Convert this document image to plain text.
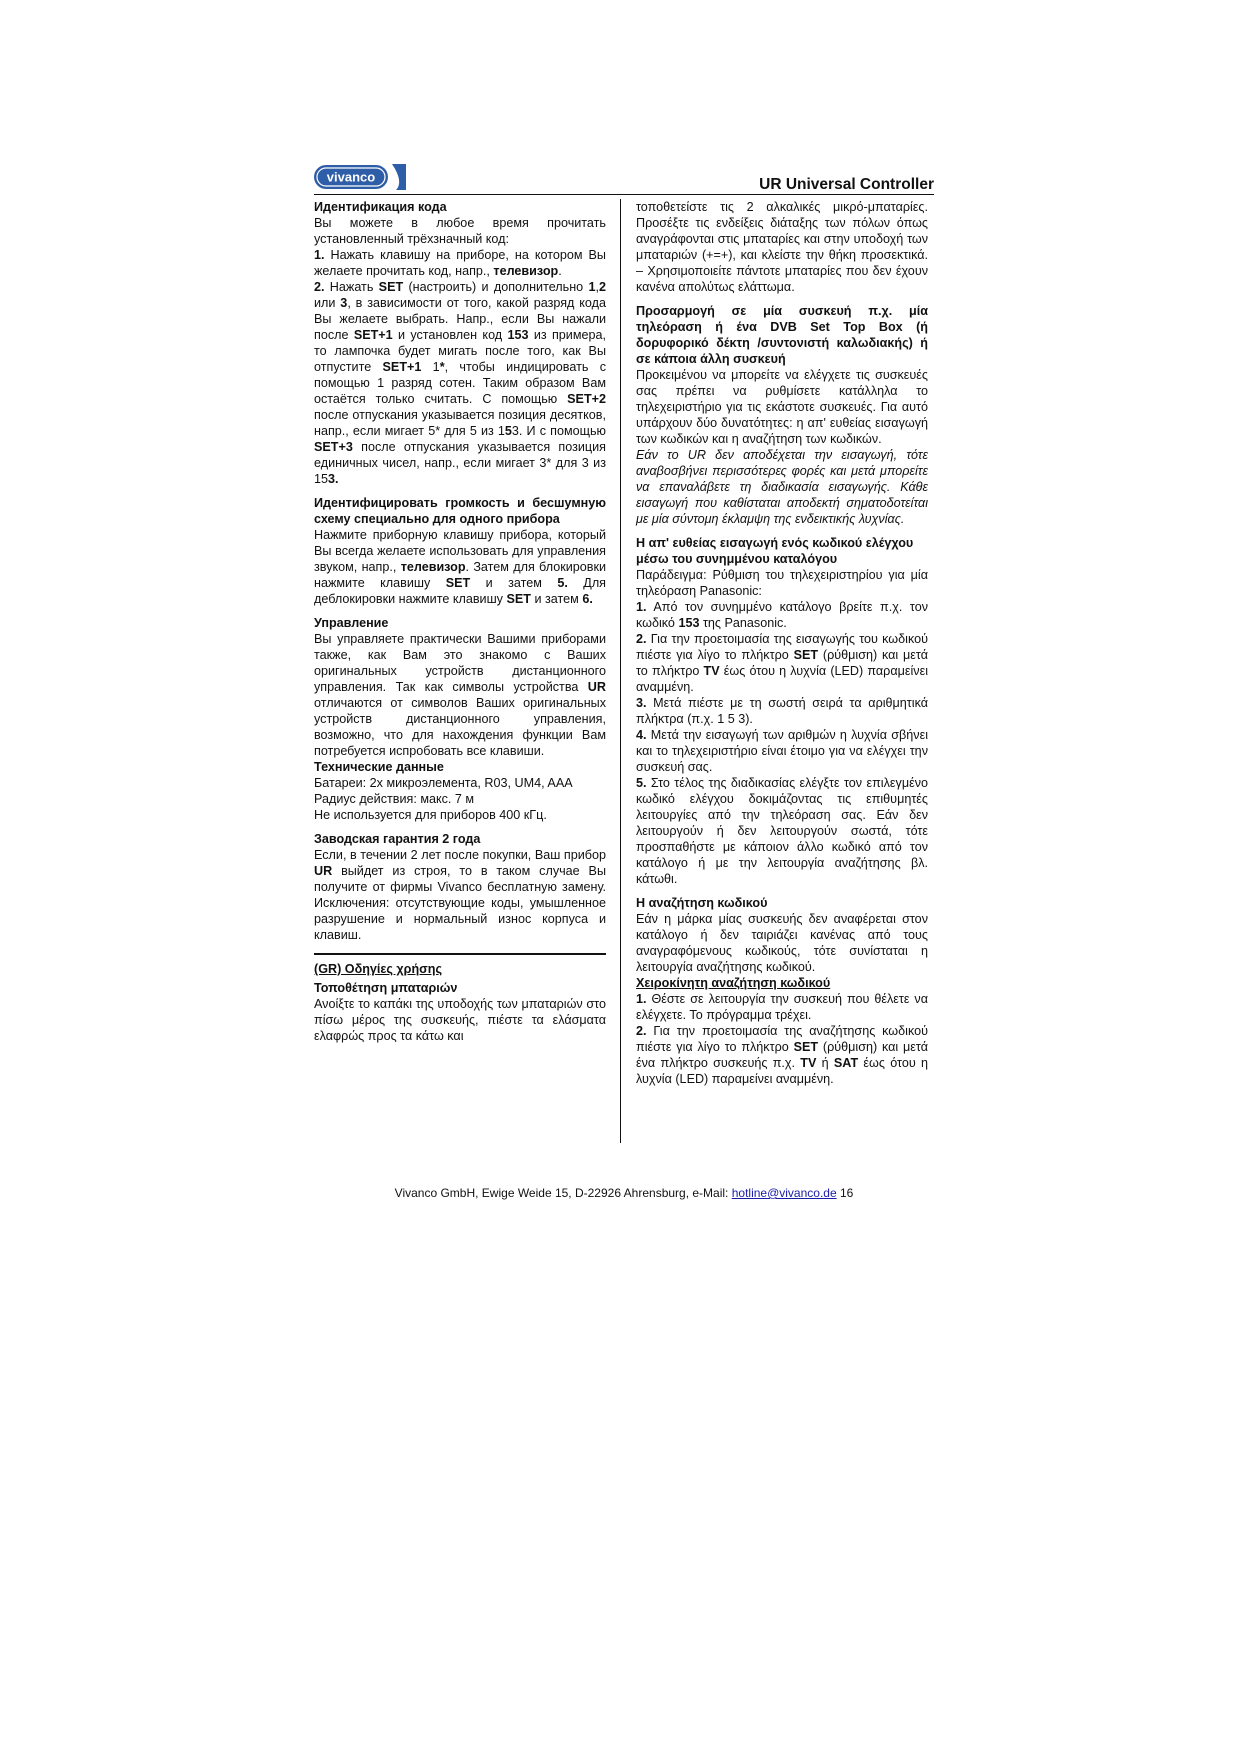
vivanco	UR Universal Controller

Идентификация кода

Вы можете в любое время прочитать установленный трёхзначный код:

1. Нажать клавишу на приборе, на котором Вы желаете прочитать код, напр., телевизор.

2. Нажать SET (настроить) и дополнительно 1,2 или 3, в зависимости от того, какой разряд кода Вы желаете выбрать. Напр., если Вы нажали после SET+1 и установлен код 153 из примера, то лампочка будет мигать после того, как Вы отпустите SET+1 1*, чтобы индицировать с помощью 1 разряд сотен. Таким образом Вам остаётся только считать. С помощью SET+2 после отпускания указывается позиция десятков, напр., если мигает 5* для 5 из 153. И с помощью SET+3 после отпускания указывается позиция единичных чисел, напр., если мигает 3* для 3 из 153.

Идентифицировать громкость и бесшумную схему специально для одного прибора

Нажмите приборную клавишу прибора, который Вы всегда желаете использовать для управления звуком, напр., телевизор. Затем для блокировки нажмите клавишу SET и затем 5. Для деблокировки нажмите клавишу SET и затем 6.

Управление

Вы управляете практически Вашими приборами также, как Вам это знакомо с Ваших оригинальных устройств дистанционного управления. Так как символы устройства UR отличаются от символов Ваших оригинальных устройств дистанционного управления, возможно, что для нахождения функции Вам потребуется испробовать все клавиши.

Технические данные

Батареи: 2х микроэлемента, R03, UM4, AAA

Радиус действия: макс. 7 м

Не используется для приборов 400 кГц.

Заводская гарантия 2 года

Если, в течении 2 лет после покупки, Ваш прибор UR выйдет из строя, то в таком случае Вы получите от фирмы Vivanco бесплатную замену. Исключения: отсутствующие коды, умышленное разрушение и нормальный износ корпуса и клавиш.

(GR) Οδηγίες χρήσης

Τοποθέτηση μπαταριών

Ανοίξτε το καπάκι της υποδοχής των μπαταριών στο πίσω μέρος της συσκευής, πιέστε τα ελάσματα ελαφρώς προς τα κάτω και

τοποθετείστε τις 2 αλκαλικές μικρό-μπαταρίες. Προσέξτε τις ενδείξεις διάταξης των πόλων όπως αναγράφονται στις μπαταρίες και στην υποδοχή των μπαταριών (+=+), και κλείστε την θήκη προσεκτικά. – Χρησιμοποιείτε πάντοτε μπαταρίες που δεν έχουν κανένα απολύτως ελάττωμα.

Προσαρμογή σε μία συσκευή π.χ. μία τηλεόραση ή ένα DVB Set Top Box (ή δορυφορικό δέκτη /συντονιστή καλωδιακής) ή σε κάποια άλλη συσκευή

Προκειμένου να μπορείτε να ελέγχετε τις συσκευές σας πρέπει να ρυθμίσετε κατάλληλα το τηλεχειριστήριο για τις εκάστοτε συσκευές. Για αυτό υπάρχουν δύο δυνατότητες: η απ' ευθείας εισαγωγή των κωδικών και η αναζήτηση των κωδικών.

Εάν το UR δεν αποδέχεται την εισαγωγή, τότε αναβοσβήνει περισσότερες φορές και μετά μπορείτε να επαναλάβετε τη διαδικασία εισαγωγής. Κάθε εισαγωγή που καθίσταται αποδεκτή σηματοδοτείται με μία σύντομη έκλαμψη της ενδεικτικής λυχνίας.

Η απ' ευθείας εισαγωγή ενός κωδικού ελέγχου μέσω του συνημμένου καταλόγου

Παράδειγμα: Ρύθμιση του τηλεχειριστηρίου για μία τηλεόραση Panasonic:

1. Από τον συνημμένο κατάλογο βρείτε π.χ. τον κωδικό 153 της Panasonic.

2. Για την προετοιμασία της εισαγωγής του κωδικού πιέστε για λίγο το πλήκτρο SET (ρύθμιση) και μετά το πλήκτρο TV έως ότου η λυχνία (LED) παραμείνει αναμμένη.

3. Μετά πιέστε με τη σωστή σειρά τα αριθμητικά πλήκτρα (π.χ. 1 5 3).

4. Μετά την εισαγωγή των αριθμών η λυχνία σβήνει και το τηλεχειριστήριο είναι έτοιμο για να ελέγχει την συσκευή σας.

5. Στο τέλος της διαδικασίας ελέγξτε τον επιλεγμένο κωδικό ελέγχου δοκιμάζοντας τις επιθυμητές λειτουργίες από την τηλεόραση σας. Εάν δεν λειτουργούν ή δεν λειτουργούν σωστά, τότε προσπαθήστε με κάποιον άλλο κωδικό από τον κατάλογο ή με την λειτουργία αναζήτησης βλ. κάτωθι.

Η αναζήτηση κωδικού

Εάν η μάρκα μίας συσκευής δεν αναφέρεται στον κατάλογο ή δεν ταιριάζει κανένας από τους αναγραφόμενους κωδικούς, τότε συνίσταται η λειτουργία αναζήτησης κωδικού.

Χειροκίνητη αναζήτηση κωδικού

1. Θέστε σε λειτουργία την συσκευή που θέλετε να ελέγχετε. Το πρόγραμμα τρέχει.

2. Για την προετοιμασία της αναζήτησης κωδικού πιέστε για λίγο το πλήκτρο SET (ρύθμιση) και μετά ένα πλήκτρο συσκευής π.χ. TV ή SAT έως ότου η λυχνία (LED) παραμείνει αναμμένη.

Vivanco GmbH, Ewige Weide 15, D-22926 Ahrensburg, e-Mail: hotline@vivanco.de 16
